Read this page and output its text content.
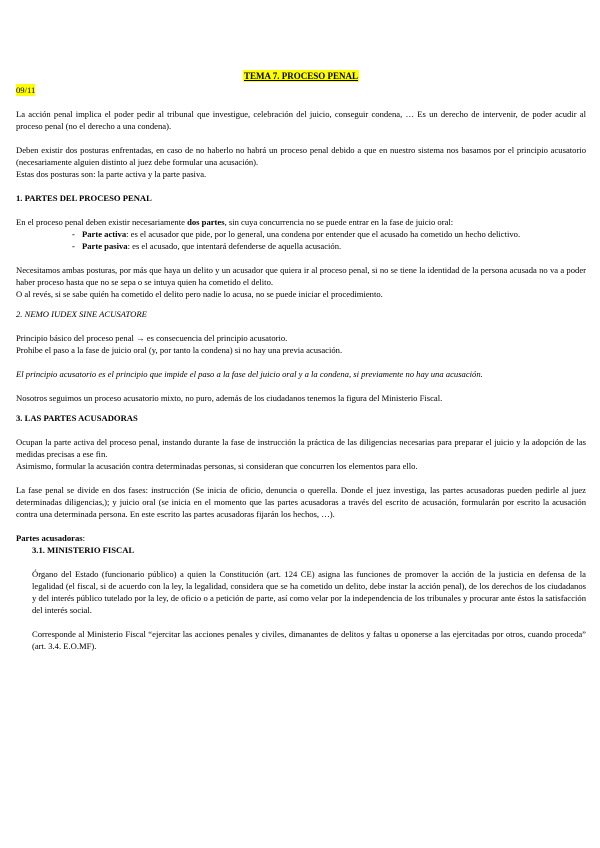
TEMA 7. PROCESO PENAL
09/11

La acción penal implica el poder pedir al tribunal que investigue, celebración del juicio, conseguir condena, … Es un derecho de intervenir, de poder acudir al proceso penal (no el derecho a una condena).

Deben existir dos posturas enfrentadas, en caso de no haberlo no habrá un proceso penal debido a que en nuestro sistema nos basamos por el principio acusatorio (necesariamente alguien distinto al juez debe formular una acusación).

Estas dos posturas son: la parte activa y la parte pasiva.

1. PARTES DEL PROCESO PENAL

En el proceso penal deben existir necesariamente dos partes, sin cuya concurrencia no se puede entrar en la fase de juicio oral:

- Parte activa: es el acusador que pide, por lo general, una condena por entender que el acusado ha cometido un hecho delictivo.
- Parte pasiva: es el acusado, que intentará defenderse de aquella acusación.

Necesitamos ambas posturas, por más que haya un delito y un acusador que quiera ir al proceso penal, si no se tiene la identidad de la persona acusada no va a poder haber proceso hasta que no se sepa o se intuya quien ha cometido el delito.

O al revés, si se sabe quién ha cometido el delito pero nadie lo acusa, no se puede iniciar el procedimiento.

2. NEMO IUDEX SINE ACUSATORE

Principio básico del proceso penal → es consecuencia del principio acusatorio.

Prohibe el paso a la fase de juicio oral (y, por tanto la condena) si no hay una previa acusación.

El principio acusatorio es el principio que impide el paso a la fase del juicio oral y a la condena, si previamente no hay una acusación.

Nosotros seguimos un proceso acusatorio mixto, no puro, además de los ciudadanos tenemos la figura del Ministerio Fiscal.

3. LAS PARTES ACUSADORAS

Ocupan la parte activa del proceso penal, instando durante la fase de instrucción la práctica de las diligencias necesarias para preparar el juicio y la adopción de las medidas precisas a ese fin.

Asimismo, formular la acusación contra determinadas personas, si consideran que concurren los elementos para ello.

La fase penal se divide en dos fases: instrucción (Se inicia de oficio, denuncia o querella. Donde el juez investiga, las partes acusadoras pueden pedirle al juez determinadas diligencias,); y juicio oral (se inicia en el momento que las partes acusadoras a través del escrito de acusación, formularán por escrito la acusación contra una determinada persona. En este escrito las partes acusadoras fijarán los hechos, …).

Partes acusadoras:

3.1. MINISTERIO FISCAL

Órgano del Estado (funcionario público) a quien la Constitución (art. 124 CE) asigna las funciones de promover la acción de la justicia en defensa de la legalidad (el fiscal, si de acuerdo con la ley, la legalidad, considera que se ha cometido un delito, debe instar la acción penal), de los derechos de los ciudadanos y del interés público tutelado por la ley, de oficio o a petición de parte, así como velar por la independencia de los tribunales y procurar ante éstos la satisfacción del interés social.

Corresponde al Ministerio Fiscal “ejercitar las acciones penales y civiles, dimanantes de delitos y faltas u oponerse a las ejercitadas por otros, cuando proceda” (art. 3.4. E.O.MF).
